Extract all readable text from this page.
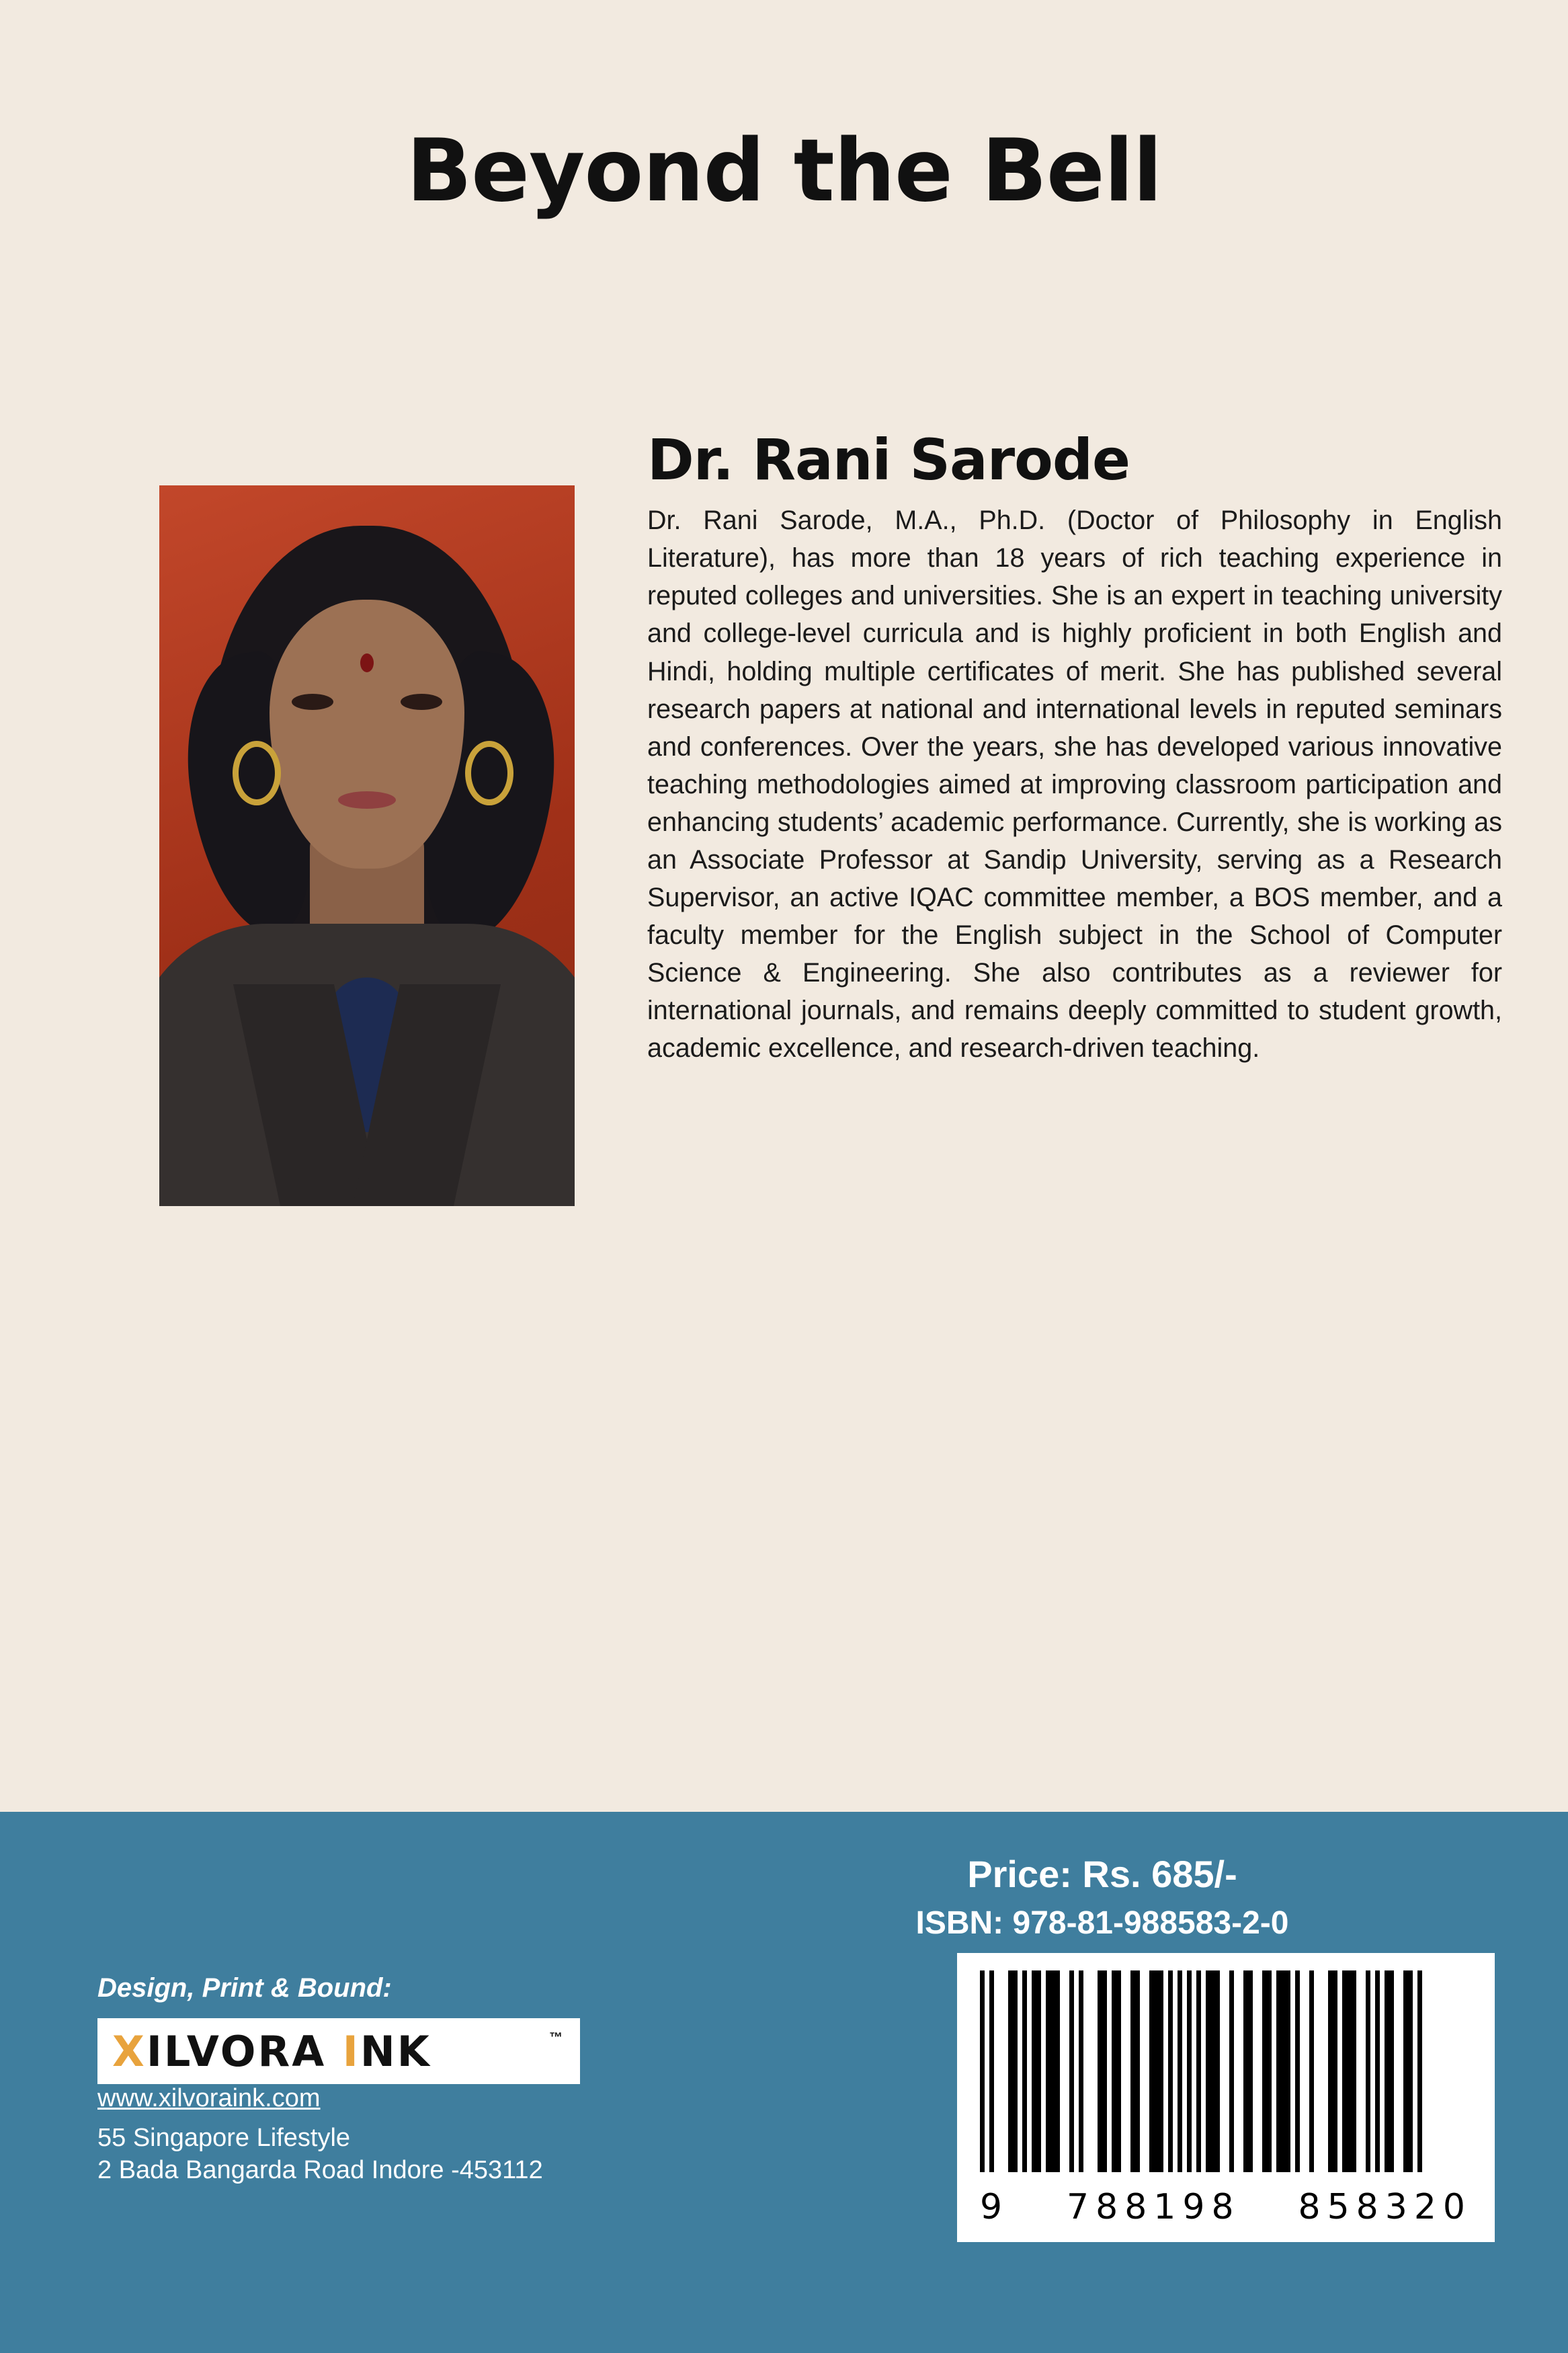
Beyond the Bell
Dr. Rani Sarode

Dr. Rani Sarode, M.A., Ph.D. (Doctor of Philosophy in English Literature), has more than 18 years of rich teaching experience in reputed colleges and universities. She is an expert in teaching university and college-level curricula and is highly proficient in both English and Hindi, holding multiple certificates of merit. She has published several research papers at national and international levels in reputed seminars and conferences. Over the years, she has developed various innovative teaching methodologies aimed at improving classroom participation and enhancing students’ academic performance. Currently, she is working as an Associate Professor at Sandip University, serving as a Research Supervisor, an active IQAC committee member, a BOS member, and a faculty member for the English subject in the School of Computer Science & Engineering. She also contributes as a reviewer for international journals, and remains deeply committed to student growth, academic excellence, and research-driven teaching.

Price: Rs. 685/-
ISBN: 978-81-988583-2-0
Design, Print & Bound:
XILVORA INK	™
www.xilvoraink.com
55 Singapore Lifestyle
2 Bada Bangarda Road Indore -453112
9 788198 858320
